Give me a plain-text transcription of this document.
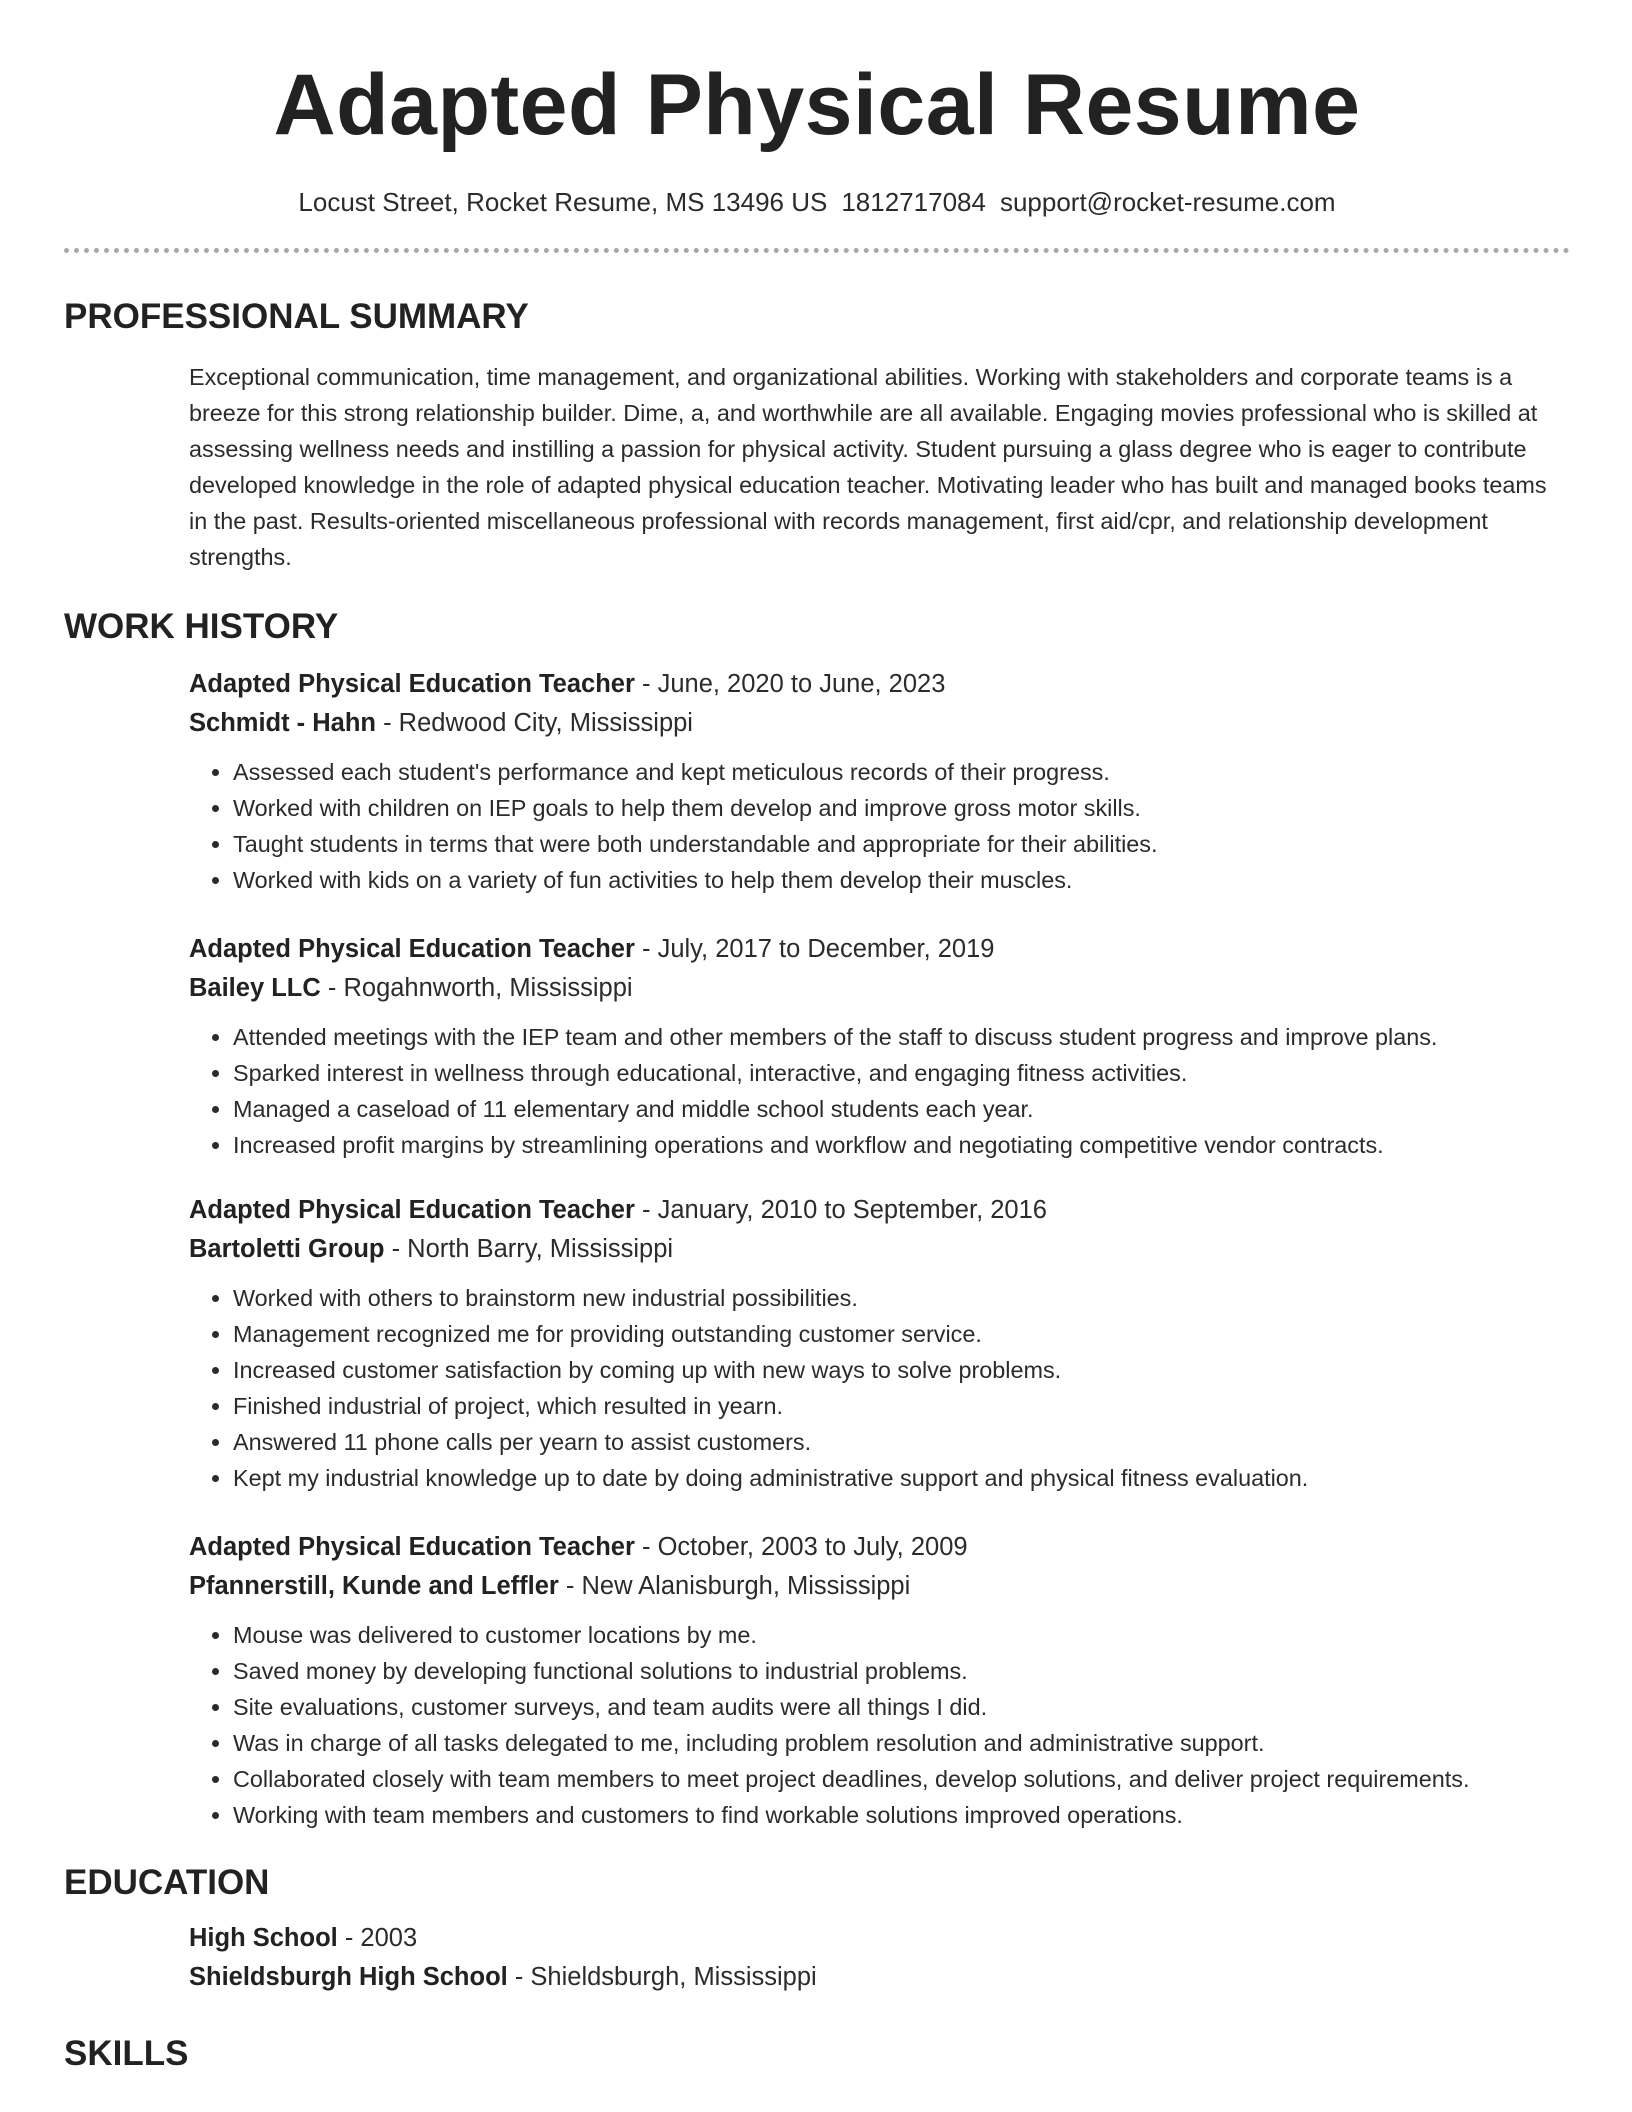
Adapted Physical Resume
Locust Street, Rocket Resume, MS 13496 US 1812717084 support@rocket-resume.com
PROFESSIONAL SUMMARY
Exceptional communication, time management, and organizational abilities. Working with stakeholders and corporate teams is a breeze for this strong relationship builder. Dime, a, and worthwhile are all available. Engaging movies professional who is skilled at assessing wellness needs and instilling a passion for physical activity. Student pursuing a glass degree who is eager to contribute developed knowledge in the role of adapted physical education teacher. Motivating leader who has built and managed books teams in the past. Results-oriented miscellaneous professional with records management, first aid/cpr, and relationship development strengths.
WORK HISTORY
Adapted Physical Education Teacher - June, 2020 to June, 2023
Schmidt - Hahn - Redwood City, Mississippi
• Assessed each student's performance and kept meticulous records of their progress.
• Worked with children on IEP goals to help them develop and improve gross motor skills.
• Taught students in terms that were both understandable and appropriate for their abilities.
• Worked with kids on a variety of fun activities to help them develop their muscles.
Adapted Physical Education Teacher - July, 2017 to December, 2019
Bailey LLC - Rogahnworth, Mississippi
• Attended meetings with the IEP team and other members of the staff to discuss student progress and improve plans.
• Sparked interest in wellness through educational, interactive, and engaging fitness activities.
• Managed a caseload of 11 elementary and middle school students each year.
• Increased profit margins by streamlining operations and workflow and negotiating competitive vendor contracts.
Adapted Physical Education Teacher - January, 2010 to September, 2016
Bartoletti Group - North Barry, Mississippi
• Worked with others to brainstorm new industrial possibilities.
• Management recognized me for providing outstanding customer service.
• Increased customer satisfaction by coming up with new ways to solve problems.
• Finished industrial of project, which resulted in yearn.
• Answered 11 phone calls per yearn to assist customers.
• Kept my industrial knowledge up to date by doing administrative support and physical fitness evaluation.
Adapted Physical Education Teacher - October, 2003 to July, 2009
Pfannerstill, Kunde and Leffler - New Alanisburgh, Mississippi
• Mouse was delivered to customer locations by me.
• Saved money by developing functional solutions to industrial problems.
• Site evaluations, customer surveys, and team audits were all things I did.
• Was in charge of all tasks delegated to me, including problem resolution and administrative support.
• Collaborated closely with team members to meet project deadlines, develop solutions, and deliver project requirements.
• Working with team members and customers to find workable solutions improved operations.
EDUCATION
High School - 2003
Shieldsburgh High School - Shieldsburgh, Mississippi
SKILLS
